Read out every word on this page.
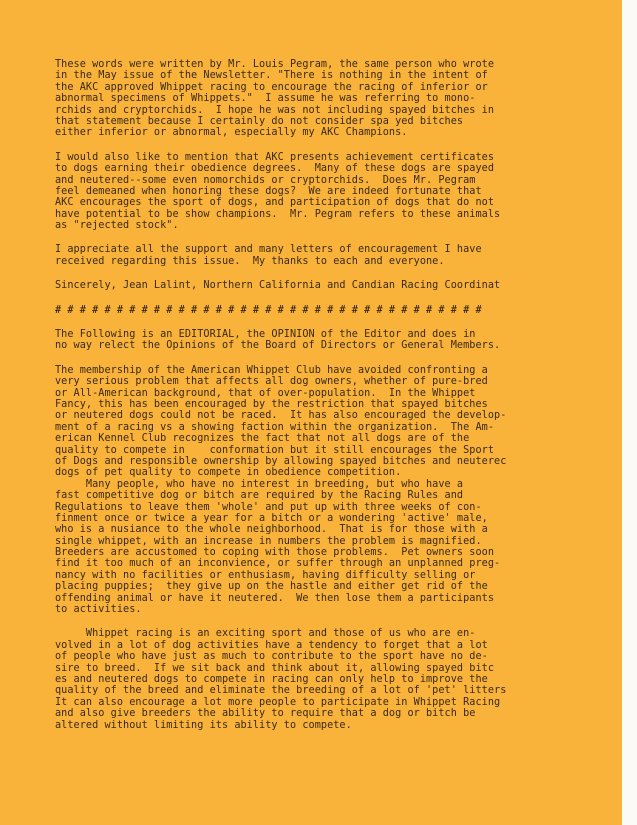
These words were written by Mr. Louis Pegram, the same person who wrote
in the May issue of the Newsletter. "There is nothing in the intent of
the AKC approved Whippet racing to encourage the racing of inferior or
abnormal specimens of Whippets."  I assume he was referring to mono-
rchids and cryptorchids.  I hope he was not including spayed bitches in
that statement because I certainly do not consider spa yed bitches
either inferior or abnormal, especially my AKC Champions.
I would also like to mention that AKC presents achievement certificates
to dogs earning their obedience degrees.  Many of these dogs are spayed
and neutered--some even nomorchids or cryptorchids.  Does Mr. Pegram
feel demeaned when honoring these dogs?  We are indeed fortunate that
AKC encourages the sport of dogs, and participation of dogs that do not
have potential to be show champions.  Mr. Pegram refers to these animals
as "rejected stock".
I appreciate all the support and many letters of encouragement I have
received regarding this issue.  My thanks to each and everyone.
Sincerely, Jean Lalint, Northern California and Candian Racing Coordinat
# # # # # # # # # # # # # # # # # # # # # # # # # # # # # # # # # # #
The Following is an EDITORIAL, the OPINION of the Editor and does in
no way relect the Opinions of the Board of Directors or General Members.
The membership of the American Whippet Club have avoided confronting a
very serious problem that affects all dog owners, whether of pure-bred
or All-American background, that of over-population.  In the Whippet
Fancy, this has been encouraged by the restriction that spayed bitches
or neutered dogs could not be raced.  It has also encouraged the develop-
ment of a racing vs a showing faction within the organization.  The Am-
erican Kennel Club recognizes the fact that not all dogs are of the
quality to compete in    conformation but it still encourages the Sport
of Dogs and responsible ownership by allowing spayed bitches and neuterec
dogs of pet quality to compete in obedience competition.
Many people, who have no interest in breeding, but who have a
fast competitive dog or bitch are required by the Racing Rules and
Regulations to leave them 'whole' and put up with three weeks of con-
finment once or twice a year for a bitch or a wondering 'active' male,
who is a nusiance to the whole neighborhood.  That is for those with a
single whippet, with an increase in numbers the problem is magnified.
Breeders are accustomed to coping with those problems.  Pet owners soon
find it too much of an inconvience, or suffer through an unplanned preg-
nancy with no facilities or enthusiasm, having difficulty selling or
placing puppies;  they give up on the hastle and either get rid of the
offending animal or have it neutered.  We then lose them a participants
to activities.
Whippet racing is an exciting sport and those of us who are en-
volved in a lot of dog activities have a tendency to forget that a lot
of people who have just as much to contribute to the sport have no de-
sire to breed.  If we sit back and think about it, allowing spayed bitc
es and neutered dogs to compete in racing can only help to improve the
quality of the breed and eliminate the breeding of a lot of 'pet' litters
It can also encourage a lot more people to participate in Whippet Racing
and also give breeders the ability to require that a dog or bitch be
altered without limiting its ability to compete.
